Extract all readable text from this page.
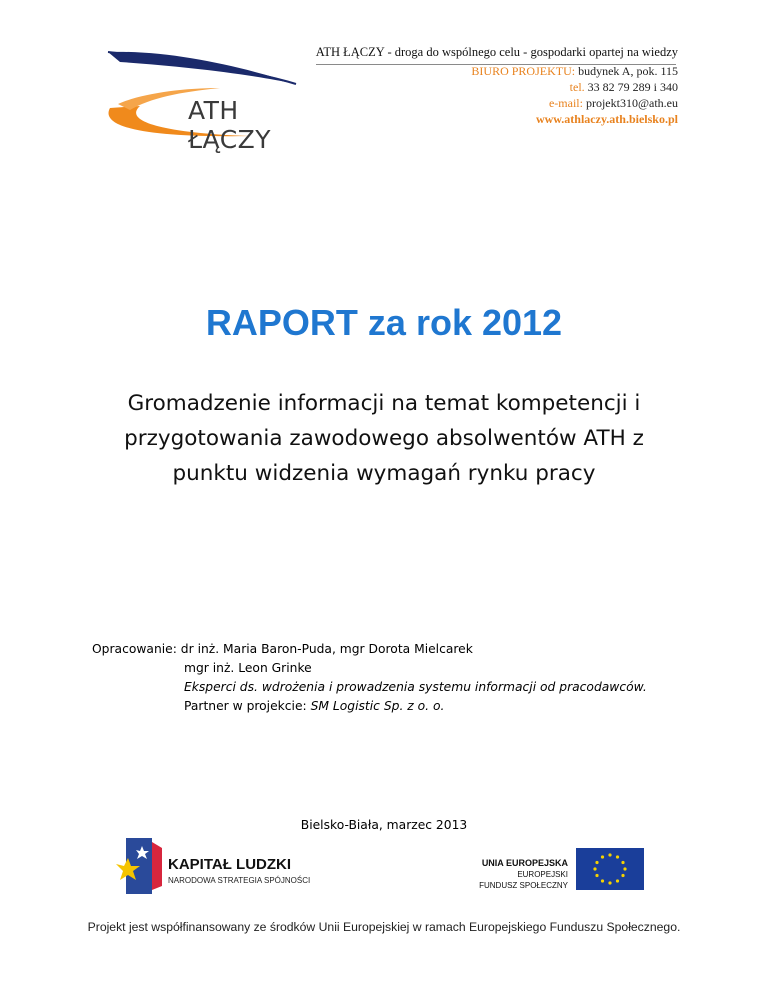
ATH ŁĄCZY
ATH ŁĄCZY - droga do wspólnego celu - gospodarki opartej na wiedzy
BIURO PROJEKTU: budynek A, pok. 115
tel. 33 82 79 289 i 340
e-mail: projekt310@ath.eu
www.athlaczy.ath.bielsko.pl
RAPORT za rok 2012
Gromadzenie informacji na temat kompetencji i przygotowania zawodowego absolwentów ATH z punktu widzenia wymagań rynku pracy
Opracowanie: dr inż. Maria Baron-Puda, mgr Dorota Mielcarek
mgr inż. Leon Grinke
Eksperci ds. wdrożenia i prowadzenia systemu informacji od pracodawców.
Partner w projekcie: SM Logistic Sp. z o. o.
Bielsko-Biała, marzec 2013
KAPITAŁ LUDZKI
NARODOWA STRATEGIA SPÓJNOŚCI
UNIA EUROPEJSKA
EUROPEJSKI
FUNDUSZ SPOŁECZNY
Projekt jest współfinansowany ze środków Unii Europejskiej w ramach Europejskiego Funduszu Społecznego.
